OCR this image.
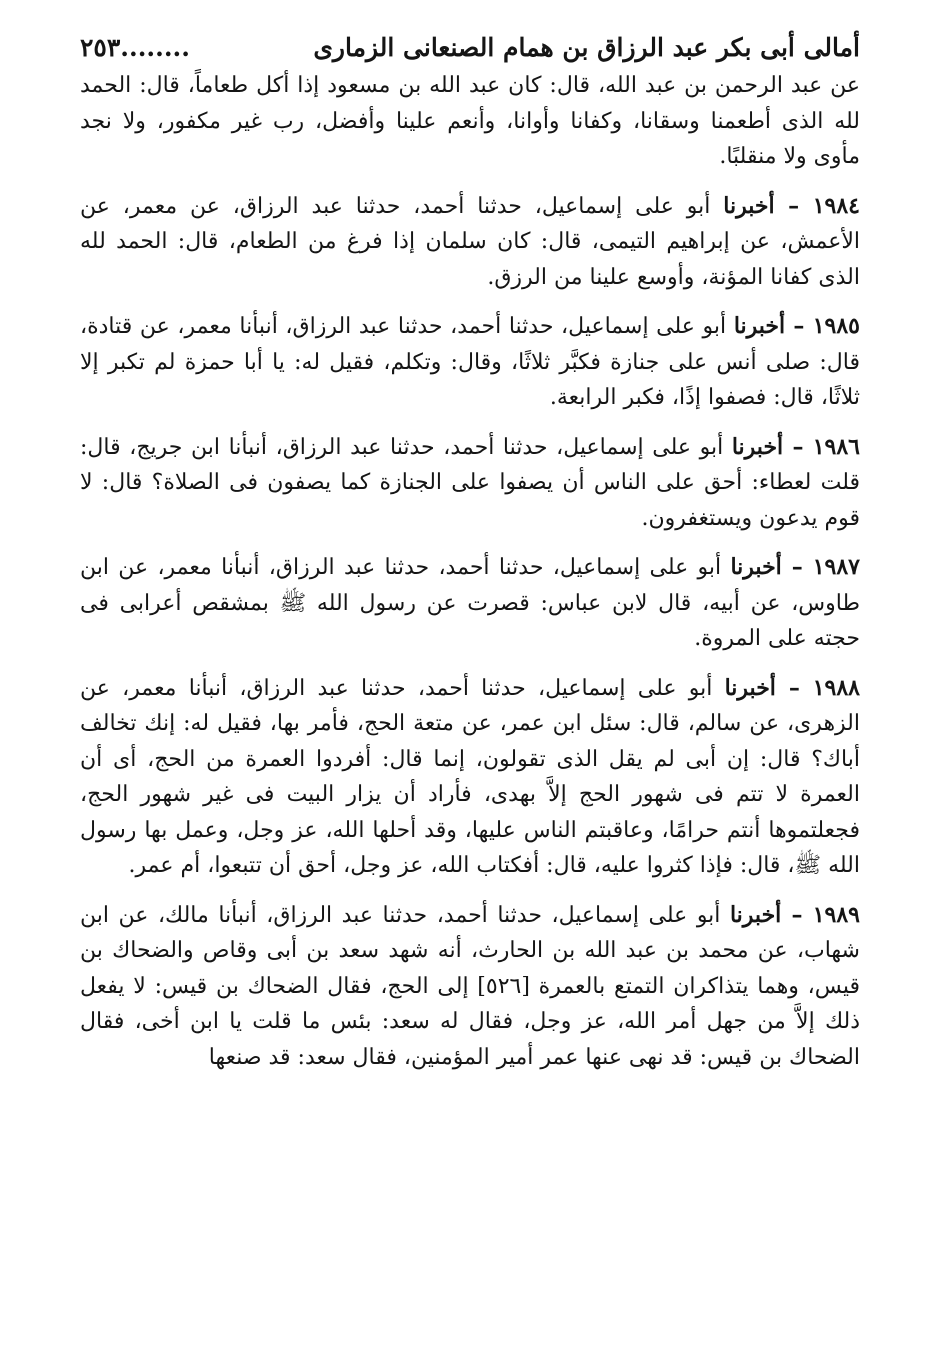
أمالى أبى بكر عبد الرزاق بن همام الصنعانى الزمارى
........٢٥٣

عن عبد الرحمن بن عبد الله، قال: كان عبد الله بن مسعود إذا أكل طعاماً، قال: الحمد لله الذى أطعمنا وسقانا، وكفانا وأوانا، وأنعم علينا وأفضل، رب غير مكفور، ولا نجد مأوى ولا منقلبًا.

١٩٨٤ – أخبرنا أبو على إسماعيل، حدثنا أحمد، حدثنا عبد الرزاق، عن معمر، عن الأعمش، عن إبراهيم التيمى، قال: كان سلمان إذا فرغ من الطعام، قال: الحمد لله الذى كفانا المؤنة، وأوسع علينا من الرزق.

١٩٨٥ – أخبرنا أبو على إسماعيل، حدثنا أحمد، حدثنا عبد الرزاق، أنبأنا معمر، عن قتادة، قال: صلى أنس على جنازة فكبَّر ثلاثًا، وقال: وتكلم، فقيل له: يا أبا حمزة لم تكبر إلا ثلاثًا، قال: فصفوا إذًا، فكبر الرابعة.

١٩٨٦ – أخبرنا أبو على إسماعيل، حدثنا أحمد، حدثنا عبد الرزاق، أنبأنا ابن جريج، قال: قلت لعطاء: أحق على الناس أن يصفوا على الجنازة كما يصفون فى الصلاة؟ قال: لا قوم يدعون ويستغفرون.

١٩٨٧ – أخبرنا أبو على إسماعيل، حدثنا أحمد، حدثنا عبد الرزاق، أنبأنا معمر، عن ابن طاوس، عن أبيه، قال لابن عباس: قصرت عن رسول الله ﷺ بمشقص أعرابى فى حجته على المروة.

١٩٨٨ – أخبرنا أبو على إسماعيل، حدثنا أحمد، حدثنا عبد الرزاق، أنبأنا معمر، عن الزهرى، عن سالم، قال: سئل ابن عمر، عن متعة الحج، فأمر بها، فقيل له: إنك تخالف أباك؟ قال: إن أبى لم يقل الذى تقولون، إنما قال: أفردوا العمرة من الحج، أى أن العمرة لا تتم فى شهور الحج إلاَّ بهدى، فأراد أن يزار البيت فى غير شهور الحج، فجعلتموها أنتم حرامًا، وعاقبتم الناس عليها، وقد أحلها الله، عز وجل، وعمل بها رسول الله ﷺ، قال: فإذا كثروا عليه، قال: أفكتاب الله، عز وجل، أحق أن تتبعوا، أم عمر.

١٩٨٩ – أخبرنا أبو على إسماعيل، حدثنا أحمد، حدثنا عبد الرزاق، أنبأنا مالك، عن ابن شهاب، عن محمد بن عبد الله بن الحارث، أنه شهد سعد بن أبى وقاص والضحاك بن قيس، وهما يتذاكران التمتع بالعمرة [٥٢٦] إلى الحج، فقال الضحاك بن قيس: لا يفعل ذلك إلاَّ من جهل أمر الله، عز وجل، فقال له سعد: بئس ما قلت يا ابن أخى، فقال الضحاك بن قيس: قد نهى عنها عمر أمير المؤمنين، فقال سعد: قد صنعها
